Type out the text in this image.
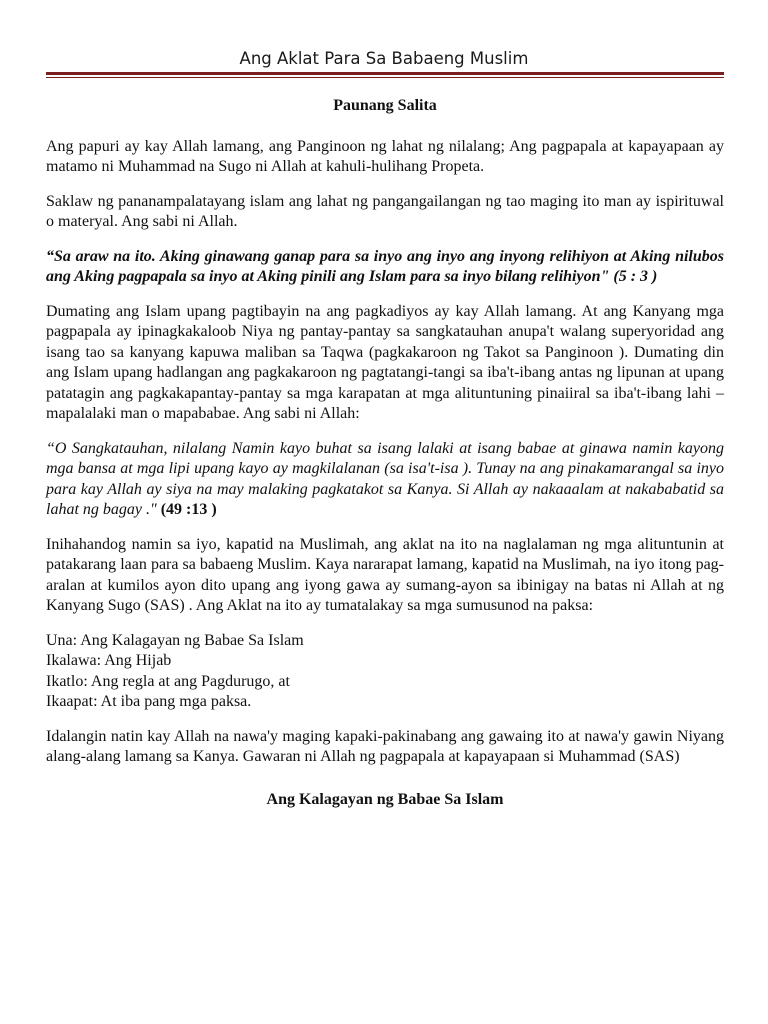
Ang Aklat Para Sa Babaeng Muslim

Paunang Salita

Ang papuri ay kay Allah lamang, ang Panginoon ng lahat ng nilalang; Ang pagpapala at kapayapaan ay matamo ni Muhammad na Sugo ni Allah at kahuli-hulihang Propeta.

Saklaw ng pananampalatayang islam ang lahat ng pangangailangan ng tao maging ito man ay ispirituwal o materyal. Ang sabi ni Allah.

“Sa araw na ito. Aking ginawang ganap para sa inyo ang inyo ang inyong relihiyon at Aking nilubos ang Aking pagpapala sa inyo at Aking pinili ang Islam para sa inyo bilang relihiyon" (5 : 3 )

Dumating ang Islam upang pagtibayin na ang pagkadiyos ay kay Allah lamang. At ang Kanyang mga pagpapala ay ipinagkakaloob Niya ng pantay-pantay sa sangkatauhan anupa't walang superyoridad ang isang tao sa kanyang kapuwa maliban sa Taqwa (pagkakaroon ng Takot sa Panginoon ). Dumating din ang Islam upang hadlangan ang pagkakaroon ng pagtatangi-tangi sa iba't-ibang antas ng lipunan at upang patatagin ang pagkakapantay-pantay sa mga karapatan at mga alituntuning pinaiiral sa iba't-ibang lahi – mapalalaki man o mapababae. Ang sabi ni Allah:

“O Sangkatauhan, nilalang Namin kayo buhat sa isang lalaki at isang babae at ginawa namin kayong mga bansa at mga lipi upang kayo ay magkilalanan (sa isa't-isa ). Tunay na ang pinakamarangal sa inyo para kay Allah ay siya na may malaking pagkatakot sa Kanya. Si Allah ay nakaaalam at nakababatid sa lahat ng bagay ." (49 :13 )

Inihahandog namin sa iyo, kapatid na Muslimah, ang aklat na ito na naglalaman ng mga alituntunin at patakarang laan para sa babaeng Muslim. Kaya nararapat lamang, kapatid na Muslimah, na iyo itong pag-aralan at kumilos ayon dito upang ang iyong gawa ay sumang-ayon sa ibinigay na batas ni Allah at ng Kanyang Sugo (SAS) . Ang Aklat na ito ay tumatalakay sa mga sumusunod na paksa:

Una: Ang Kalagayan ng Babae Sa Islam
Ikalawa: Ang Hijab
Ikatlo: Ang regla at ang Pagdurugo, at
Ikaapat: At iba pang mga paksa.

Idalangin natin kay Allah na nawa'y maging kapaki-pakinabang ang gawaing ito at nawa'y gawin Niyang alang-alang lamang sa Kanya. Gawaran ni Allah ng pagpapala at kapayapaan si Muhammad (SAS)

Ang Kalagayan ng Babae Sa Islam
